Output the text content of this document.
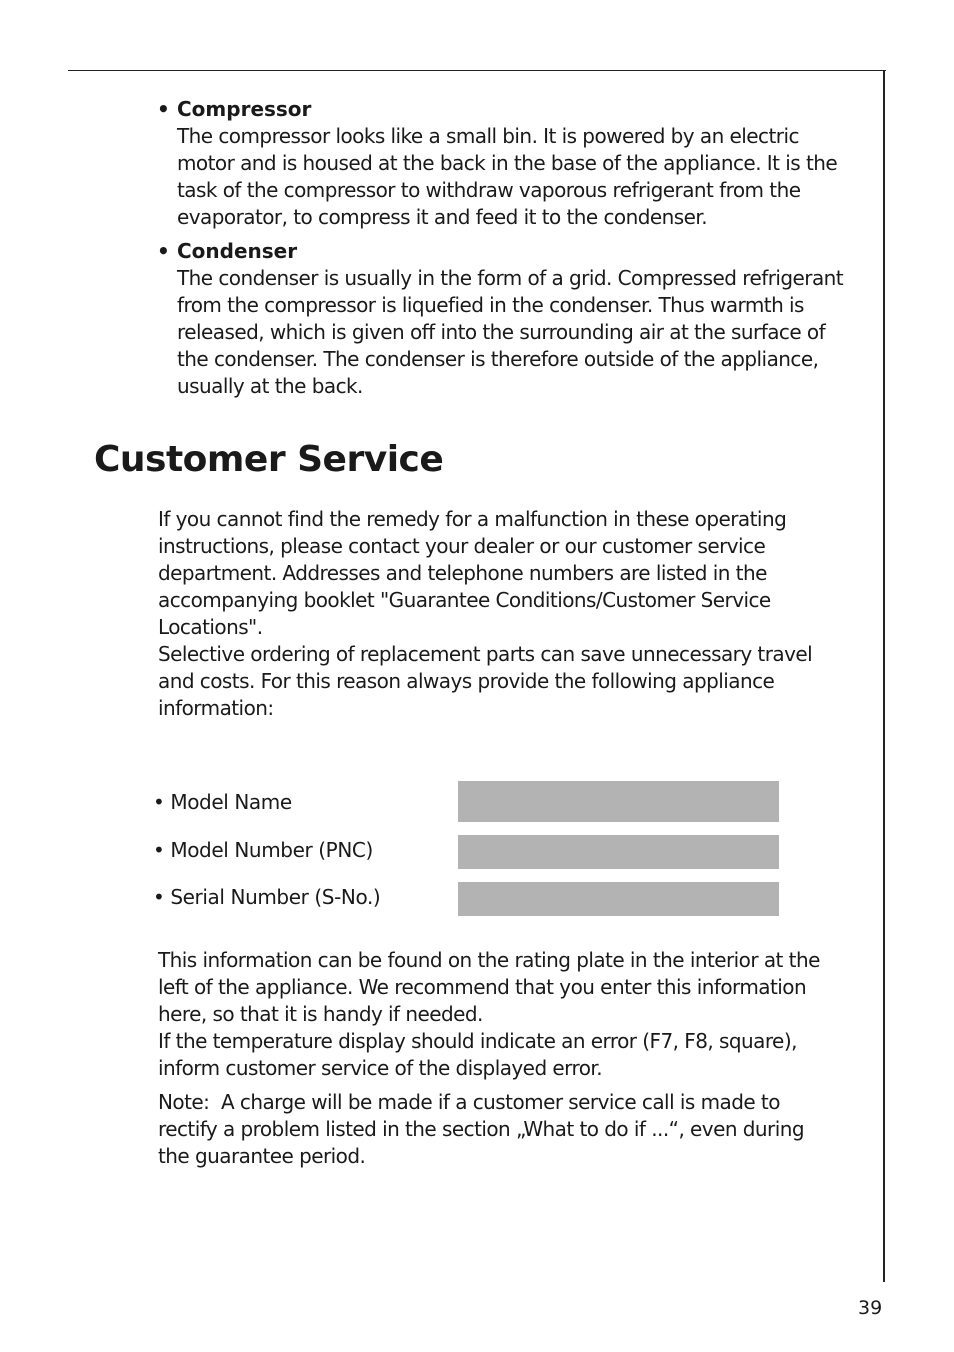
• Compressor
The compressor looks like a small bin. It is powered by an electric
motor and is housed at the back in the base of the appliance. It is the
task of the compressor to withdraw vaporous refrigerant from the
evaporator, to compress it and feed it to the condenser.
• Condenser
The condenser is usually in the form of a grid. Compressed refrigerant
from the compressor is liquefied in the condenser. Thus warmth is
released, which is given off into the surrounding air at the surface of
the condenser. The condenser is therefore outside of the appliance,
usually at the back.
Customer Service
If you cannot find the remedy for a malfunction in these operating
instructions, please contact your dealer or our customer service
department. Addresses and telephone numbers are listed in the
accompanying booklet "Guarantee Conditions/Customer Service
Locations".
Selective ordering of replacement parts can save unnecessary travel
and costs. For this reason always provide the following appliance
information:
• Model Name
• Model Number (PNC)
• Serial Number (S-No.)
This information can be found on the rating plate in the interior at the
left of the appliance. We recommend that you enter this information
here, so that it is handy if needed.
If the temperature display should indicate an error (F7, F8, square),
inform customer service of the displayed error.
Note: A charge will be made if a customer service call is made to
rectify a problem listed in the section „What to do if ...“, even during
the guarantee period.
39
